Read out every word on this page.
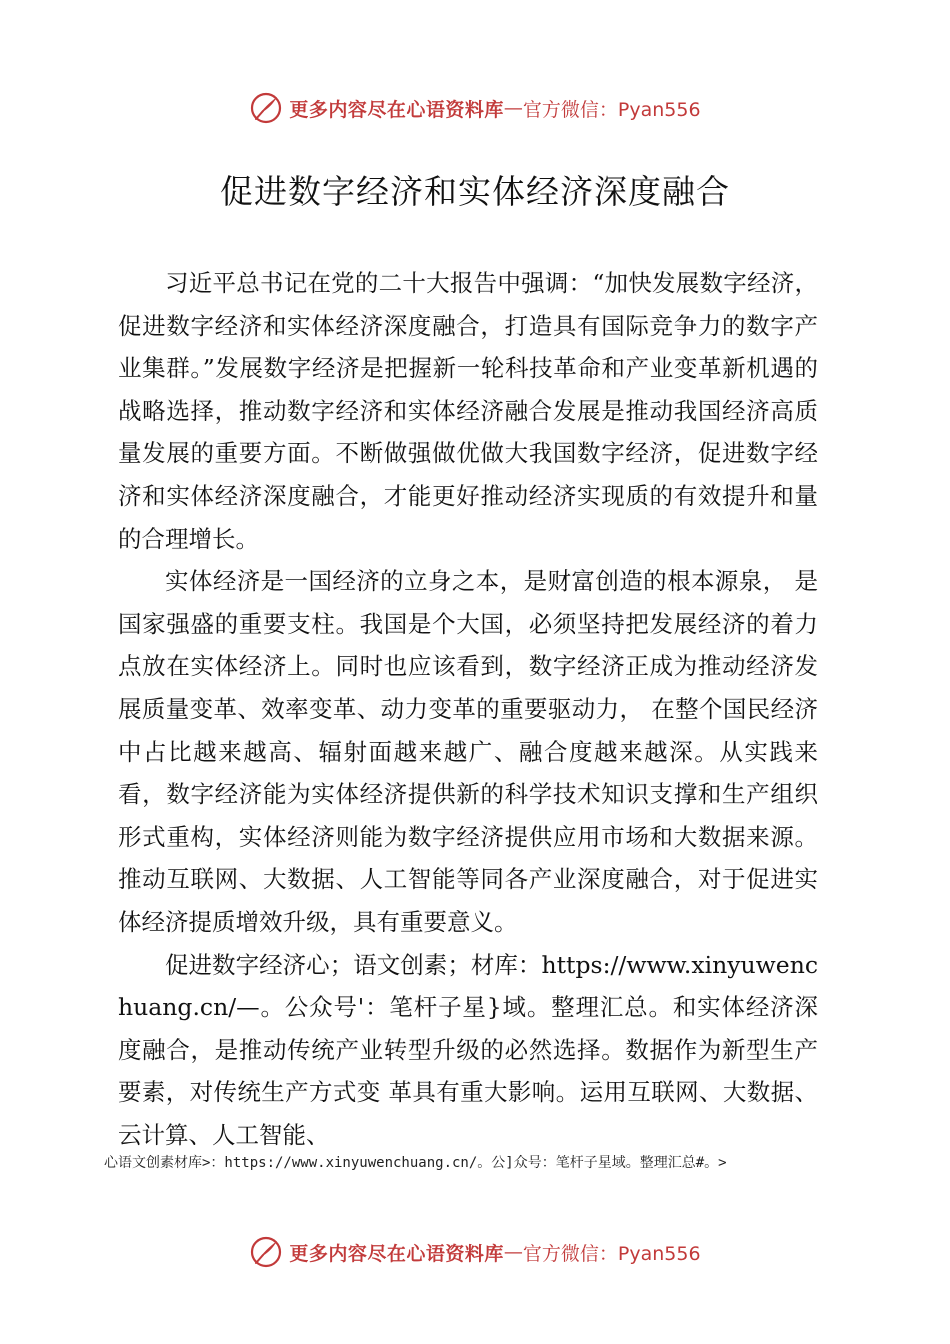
更多内容尽在心语资料库 — 官方微信：Pyan556
促进数字经济和实体经济深度融合

习近平总书记在党的二十大报告中强调：“加快发展数字经济，促进数字经济和实体经济深度融合，打造具有国际竞争力的数字产业集群。”发展数字经济是把握新一轮科技革命和产业变革新机遇的战略选择，推动数字经济和实体经济融合发展是推动我国经济高质量发展的重要方面。不断做强做优做大我国数字经济，促进数字经济和实体经济深度融合，才能更好推动经济实现质的有效提升和量的合理增长。

实体经济是一国经济的立身之本，是财富创造的根本源泉， 是国家强盛的重要支柱。我国是个大国，必须坚持把发展经济的着力点放在实体经济上。同时也应该看到，数字经济正成为推动经济发展质量变革、效率变革、动力变革的重要驱动力， 在整个国民经济中占比越来越高、辐射面越来越广、融合度越来越深。从实践来看，数字经济能为实体经济提供新的科学技术知识支撑和生产组织形式重构，实体经济则能为数字经济提供应用市场和大数据来源。推动互联网、大数据、人工智能等同各产业深度融合，对于促进实体经济提质增效升级，具有重要意义。

促进数字经济心；语文创素；材库：https://www.xinyuwenchuang.cn/—。公众号'：笔杆子星}域。整理汇总。和实体经济深度融合，是推动传统产业转型升级的必然选择。数据作为新型生产要素，对传统生产方式变 革具有重大影响。运用互联网、大数据、云计算、人工智能、

心语文创素材库>：https://www.xinyuwenchuang.cn/。公]众号：笔杆子星域。整理汇总#。>
更多内容尽在心语资料库 — 官方微信：Pyan556
